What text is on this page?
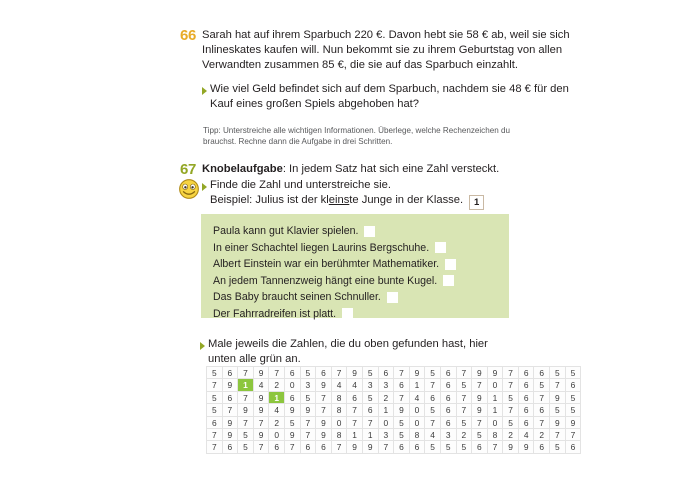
66 Sarah hat auf ihrem Sparbuch 220 €. Davon hebt sie 58 € ab, weil sie sich Inlineskates kaufen will. Nun bekommt sie zu ihrem Geburtstag von allen Verwandten zusammen 85 €, die sie auf das Sparbuch einzahlt.
Wie viel Geld befindet sich auf dem Sparbuch, nachdem sie 48 € für den Kauf eines großen Spiels abgehoben hat?
Tipp: Unterstreiche alle wichtigen Informationen. Überlege, welche Rechenzeichen du brauchst. Rechne dann die Aufgabe in drei Schritten.
67 Knobelaufgabe: In jedem Satz hat sich eine Zahl versteckt.
Finde die Zahl und unterstreiche sie.
Beispiel: Julius ist der kleinste Junge in der Klasse. 1
Paula kann gut Klavier spielen.
In einer Schachtel liegen Laurins Bergschuhe.
Albert Einstein war ein berühmter Mathematiker.
An jedem Tannenzweig hängt eine bunte Kugel.
Das Baby braucht seinen Schnuller.
Der Fahrradreifen ist platt.
Male jeweils die Zahlen, die du oben gefunden hast, hier unten alle grün an.
5	6	7	9	7	6	5	6	7	9	5	6	7	9	5	6	7	9	9	7	6	6	5	5
7	9	1	4	2	0	3	9	4	4	3	3	6	1	7	6	5	7	0	7	6	5	7	6
5	6	7	9	1	6	5	7	8	6	5	2	7	4	6	6	7	9	1	5	6	7	9	5
5	7	9	9	4	9	9	7	8	7	6	1	9	0	5	6	7	9	1	7	6	6	5	5
6	9	7	7	2	5	7	9	0	7	7	0	5	0	7	6	5	7	0	5	6	7	9	9
7	9	5	9	0	9	7	9	8	1	1	3	5	8	4	3	2	5	8	2	4	2	7	7
7	6	5	7	6	7	6	6	7	9	9	7	6	6	5	5	5	6	7	9	9	6	5	6
